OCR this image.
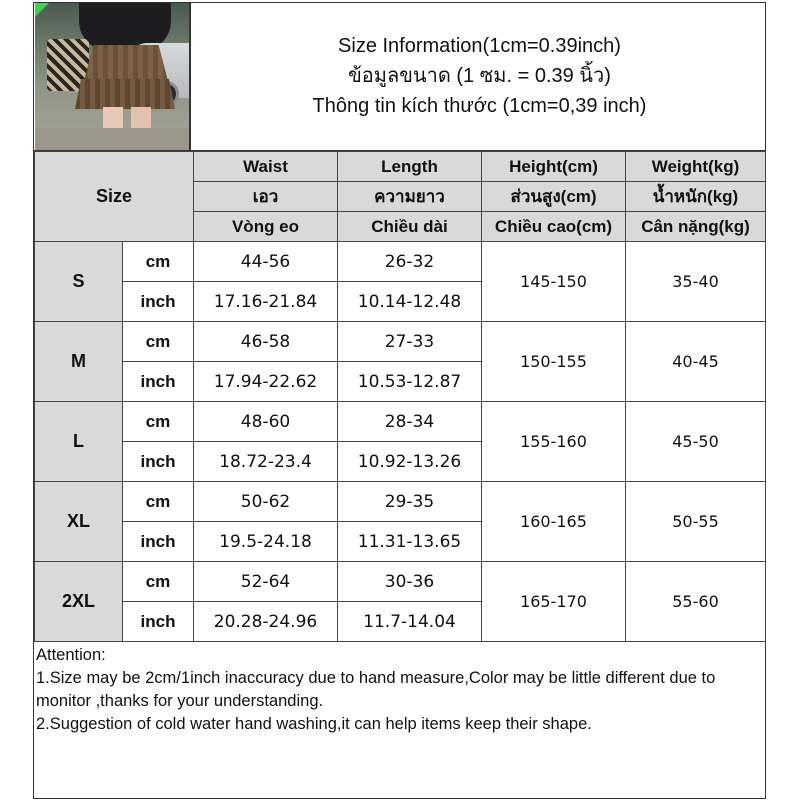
Size Information(1cm=0.39inch)
ข้อมูลขนาด (1 ซม. = 0.39 นิ้ว)
Thông tin kích thước (1cm=0,39 inch)
Size		Waist	Length	Height(cm)	Weight(kg)
		เอว	ความยาว	ส่วนสูง(cm)	น้ำหนัก(kg)
		Vòng eo	Chiều dài	Chiều cao(cm)	Cân nặng(kg)
S	cm	44-56	26-32	145-150	35-40
	inch	17.16-21.84	10.14-12.48		
M	cm	46-58	27-33	150-155	40-45
	inch	17.94-22.62	10.53-12.87		
L	cm	48-60	28-34	155-160	45-50
	inch	18.72-23.4	10.92-13.26		
XL	cm	50-62	29-35	160-165	50-55
	inch	19.5-24.18	11.31-13.65		
2XL	cm	52-64	30-36	165-170	55-60
	inch	20.28-24.96	11.7-14.04		

Attention:

1.Size may be 2cm/1inch inaccuracy due to hand measure,Color may be little different due to monitor ,thanks for your understanding.

2.Suggestion of cold water hand washing,it can help items keep their shape.
